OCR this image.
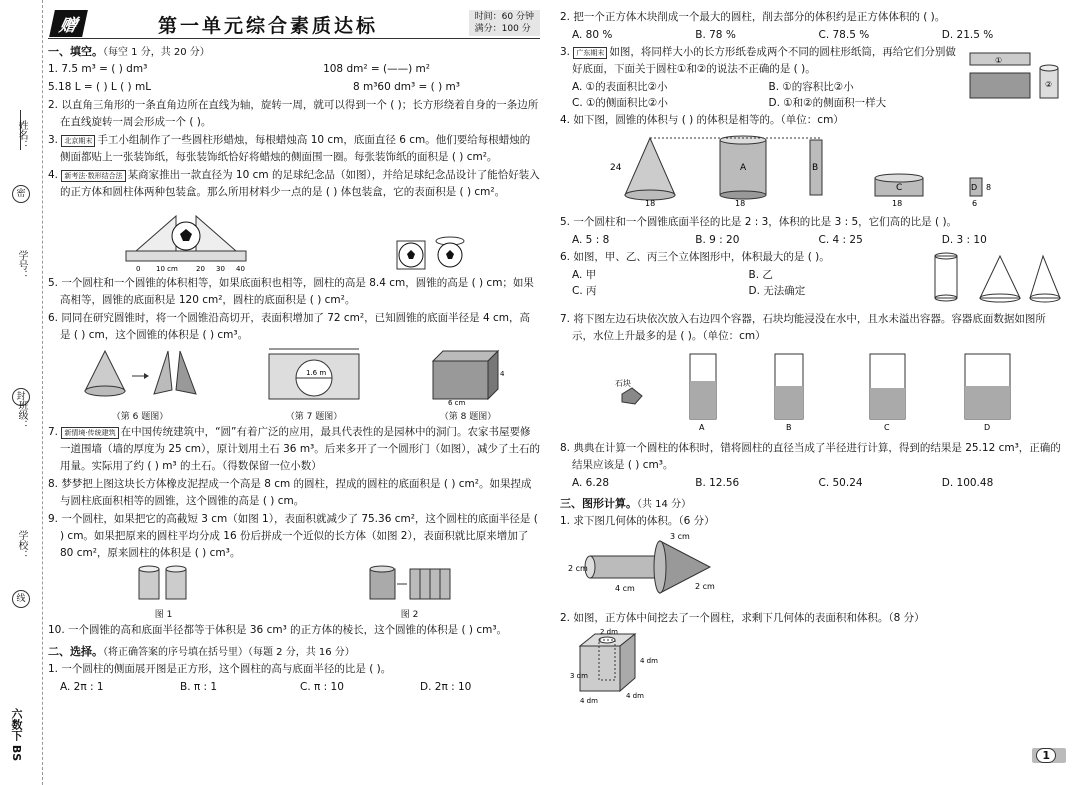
姓名：
密
学号：
封
班级：
学校：
线
六数下 BS
赠	第一单元综合素质达标	时间：60 分钟
满分：100 分
一、填空。（每空 1 分，共 20 分）
1. 7.5 m³ = ( ) dm³	108 dm² = (——) m²
5.18 L = ( ) L ( ) mL	8 m³60 dm³ = ( ) m³
2. 以直角三角形的一条直角边所在直线为轴，旋转一周，就可以得到一个 ( )；长方形绕着自身的一条边所在直线旋转一周会形成一个 ( )。
3. 北京期末 手工小组制作了一些圆柱形蜡烛，每根蜡烛高 10 cm，底面直径 6 cm。他们要给每根蜡烛的侧面都贴上一张装饰纸，每张装饰纸恰好将蜡烛的侧面围一圈。每张装饰纸的面积是 ( ) cm²。
4. 新考法·数形结合法 某商家推出一款直径为 10 cm 的足球纪念品（如图），并给足球纪念品设计了能恰好装入的正方体和圆柱体两种包装盒。那么所用材料少一点的是 ( ) 体包装盒，它的表面积是 ( ) cm²。
0 10 cm	20 30 40
5. 一个圆柱和一个圆锥的体积相等，如果底面积也相等，圆柱的高是 8.4 cm，圆锥的高是 ( ) cm；如果高相等，圆锥的底面积是 120 cm²，圆柱的底面积是 ( ) cm²。
6. 同同在研究圆锥时，将一个圆锥沿高切开，表面积增加了 72 cm²，已知圆锥的底面半径是 4 cm，高是 ( ) cm，这个圆锥的体积是 ( ) cm³。
（第 6 题图）
1.6 m
（第 7 题图）
6 cm
4
（第 8 题图）
7. 新情境·传统建筑 在中国传统建筑中，“圆”有着广泛的应用，最具代表性的是园林中的洞门。农家书屋要修一道围墙（墙的厚度为 25 cm），原计划用土石 36 m³。后来多开了一个圆形门（如图），减少了土石的用量。实际用了约 ( ) m³ 的土石。（得数保留一位小数）
8. 梦梦把上图这块长方体橡皮泥捏成一个高是 8 cm 的圆柱，捏成的圆柱的底面积是 ( ) cm²。如果捏成与圆柱底面积相等的圆锥，这个圆锥的高是 ( ) cm。
9. 一个圆柱，如果把它的高截短 3 cm（如图 1），表面积就减少了 75.36 cm²，这个圆柱的底面半径是 ( ) cm。如果把原来的圆柱平均分成 16 份后拼成一个近似的长方体（如图 2），表面积就比原来增加了 80 cm²，原来圆柱的体积是 ( ) cm³。
图 1	图 2
10. 一个圆锥的高和底面半径都等于体积是 36 cm³ 的正方体的棱长，这个圆锥的体积是 ( ) cm³。
二、选择。（将正确答案的序号填在括号里）（每题 2 分，共 16 分）
1. 一个圆柱的侧面展开图是正方形，这个圆柱的高与底面半径的比是 ( )。
A. 2π : 1	B. π : 1	C. π : 10	D. 2π : 10
2. 把一个正方体木块削成一个最大的圆柱，削去部分的体积约是正方体体积的 ( )。
A. 80 %	B. 78 %	C. 78.5 %	D. 21.5 %
3. 广东期末 如图，将同样大小的长方形纸卷成两个不同的圆柱形纸筒，再给它们分别做好底面，下面关于圆柱①和②的说法不正确的是 ( )。
A. ①的表面积比②小	B. ①的容积比②小
C. ①的侧面积比②小	D. ①和②的侧面积一样大
①
②
4. 如下图，圆锥的体积与 ( ) 的体积是相等的。（单位：cm）
24
18
A
18
B
C
18
D 8
6
5. 一个圆柱和一个圆锥底面半径的比是 2 : 3，体积的比是 3 : 5，它们高的比是 ( )。
A. 5 : 8	B. 9 : 20	C. 4 : 25	D. 3 : 10
6. 如图，甲、乙、丙三个立体图形中，体积最大的是 ( )。
A. 甲	B. 乙
C. 丙	D. 无法确定
7. 将下图左边石块依次放入右边四个容器，石块均能浸没在水中，且水未溢出容器。容器底面数据如图所示，水位上升最多的是 ( )。（单位：cm）
石块
A	B	C	D
8. 典典在计算一个圆柱的体积时，错将圆柱的直径当成了半径进行计算，得到的结果是 25.12 cm³，正确的结果应该是 ( ) cm³。
A. 6.28	B. 12.56	C. 50.24	D. 100.48
三、图形计算。（共 14 分）
1. 求下图几何体的体积。（6 分）
2 cm
4 cm
3 cm
2 cm
2. 如图，正方体中间挖去了一个圆柱，求剩下几何体的表面积和体积。（8 分）
2 dm
3 dm
4 dm
4 dm
4 dm
1
